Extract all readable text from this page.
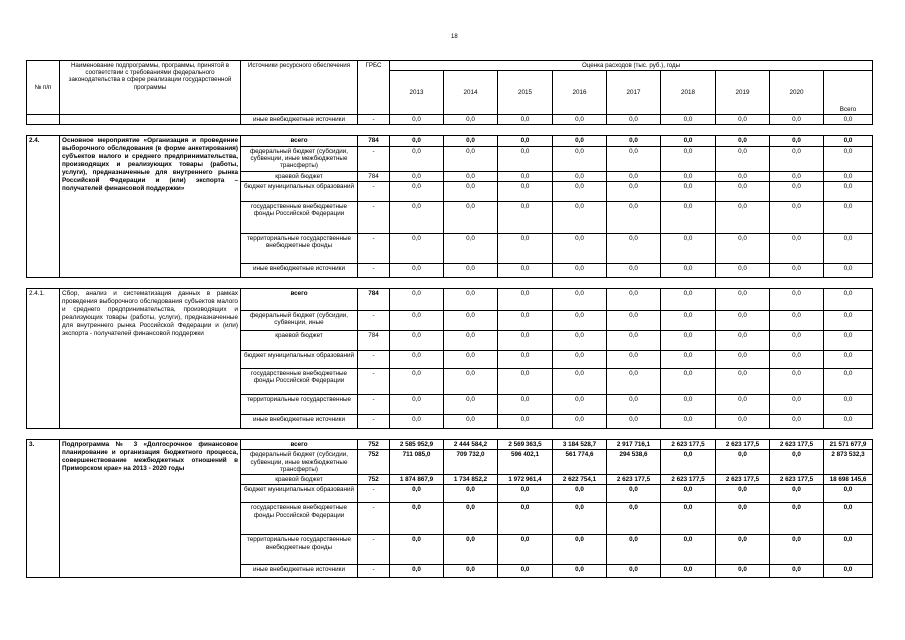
18
№ п/п	Наименование подпрограммы, программы, принятой в соответствии с требованиями федерального законодательства в сфере реализации государственной программы	Источники ресурсного обеспечения	ГРБС	Оценка расходов (тыс. руб.), годы								
				2013	2014	2015	2016	2017	2018	2019	2020	Всего
		иные внебюджетные источники	-	0,0	0,0	0,0	0,0	0,0	0,0	0,0	0,0	0,0

2.4.	Основное мероприятие «Организация и проведение выборочного обследования (в форме анкетирования) субъектов малого и среднего предпринимательства, производящих и реализующих товары (работы, услуги), предназначенные для внутреннего рынка Российской Федерации и (или) экспорта – получателей финансовой поддержки»	всего	784	0,0	0,0	0,0	0,0	0,0	0,0	0,0	0,0	0,0
		федеральный бюджет (субсидии, субвенции, иные межбюджетные трансферты)	-	0,0	0,0	0,0	0,0	0,0	0,0	0,0	0,0	0,0
		краевой бюджет	784	0,0	0,0	0,0	0,0	0,0	0,0	0,0	0,0	0,0
		бюджет муниципальных образований	-	0,0	0,0	0,0	0,0	0,0	0,0	0,0	0,0	0,0
		государственные внебюджетные фонды Российской Федерации	-	0,0	0,0	0,0	0,0	0,0	0,0	0,0	0,0	0,0
		территориальные государственные внебюджетные фонды	-	0,0	0,0	0,0	0,0	0,0	0,0	0,0	0,0	0,0
		иные внебюджетные источники	-	0,0	0,0	0,0	0,0	0,0	0,0	0,0	0,0	0,0

2.4.1.	Сбор, анализ и систематизация данных в рамках проведения выборочного обследования субъектов малого и среднего предпринимательства, производящих и реализующих товары (работы, услуги), предназначенные для внутреннего рынка Российской Федерации и (или) экспорта - получателей финансовой поддержки	всего	784	0,0	0,0	0,0	0,0	0,0	0,0	0,0	0,0	0,0
		федеральный бюджет (субсидии, субвенции, иные	-	0,0	0,0	0,0	0,0	0,0	0,0	0,0	0,0	0,0
		краевой бюджет	784	0,0	0,0	0,0	0,0	0,0	0,0	0,0	0,0	0,0
		бюджет муниципальных образований	-	0,0	0,0	0,0	0,0	0,0	0,0	0,0	0,0	0,0
		государственные внебюджетные фонды Российской Федерации	-	0,0	0,0	0,0	0,0	0,0	0,0	0,0	0,0	0,0
		территориальные государственные	-	0,0	0,0	0,0	0,0	0,0	0,0	0,0	0,0	0,0
		иные внебюджетные источники	-	0,0	0,0	0,0	0,0	0,0	0,0	0,0	0,0	0,0

3.	Подпрограмма № 3 «Долгосрочное финансовое планирование и организация бюджетного процесса, совершенствование межбюджетных отношений в Приморском крае» на 2013 - 2020 годы	всего	752	2 585 952,9	2 444 584,2	2 569 363,5	3 184 528,7	2 917 716,1	2 623 177,5	2 623 177,5	2 623 177,5	21 571 677,9
		федеральный бюджет (субсидии, субвенции, иные межбюджетные трансферты)	752	711 085,0	709 732,0	596 402,1	561 774,6	294 538,6	0,0	0,0	0,0	2 873 532,3
		краевой бюджет	752	1 874 867,9	1 734 852,2	1 972 961,4	2 622 754,1	2 623 177,5	2 623 177,5	2 623 177,5	2 623 177,5	18 698 145,6
		бюджет муниципальных образований	-	0,0	0,0	0,0	0,0	0,0	0,0	0,0	0,0	0,0
		государственные внебюджетные фонды Российской Федерации	-	0,0	0,0	0,0	0,0	0,0	0,0	0,0	0,0	0,0
		территориальные государственные внебюджетные фонды	-	0,0	0,0	0,0	0,0	0,0	0,0	0,0	0,0	0,0
		иные внебюджетные источники	-	0,0	0,0	0,0	0,0	0,0	0,0	0,0	0,0	0,0
